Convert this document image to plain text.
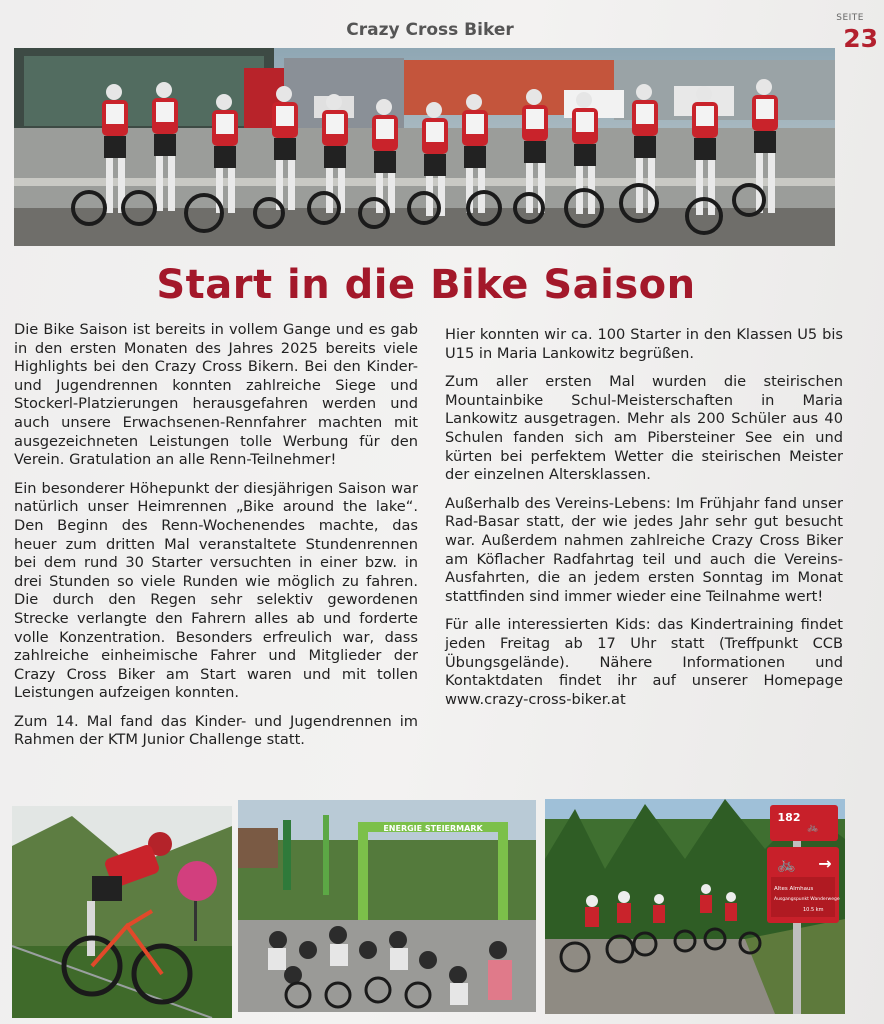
Crazy Cross Biker
SEITE
23
Start in die Bike Saison

Die Bike Saison ist bereits in vollem Gange und es gab in den ersten Monaten des Jahres 2025 bereits viele Highlights bei den Crazy Cross Bikern. Bei den Kinder- und Jugendrennen konnten zahlreiche Siege und Stockerl-Platzierungen herausgefahren werden und auch unsere Erwachsenen-Rennfahrer machten mit ausgezeichneten Leistungen tolle Werbung für den Verein. Gratulation an alle Renn-Teilnehmer!

Ein besonderer Höhepunkt der diesjährigen Saison war natürlich unser Heimrennen „Bike around the lake“. Den Beginn des Renn-Wochenendes machte, das heuer zum dritten Mal veranstaltete Stundenrennen bei dem rund 30 Starter versuchten in einer bzw. in drei Stunden so viele Runden wie möglich zu fahren. Die durch den Regen sehr selektiv gewordenen Strecke verlangte den Fahrern alles ab und forderte volle Konzentration. Besonders erfreulich war, dass zahlreiche einheimische Fahrer und Mitglieder der Crazy Cross Biker am Start waren und mit tollen Leistungen aufzeigen konnten.

Zum 14. Mal fand das Kinder- und Jugendrennen im Rahmen der KTM Junior Challenge statt.

Hier konnten wir ca. 100 Starter in den Klassen U5 bis U15 in Maria Lankowitz begrüßen.

Zum aller ersten Mal wurden die steirischen Mountainbike Schul-Meisterschaften in Maria Lankowitz ausgetragen. Mehr als 200 Schüler aus 40 Schulen fanden sich am Pibersteiner See ein und kürten bei perfektem Wetter die steirischen Meister der einzelnen Altersklassen.

Außerhalb des Vereins-Lebens: Im Frühjahr fand unser Rad-Basar statt, der wie jedes Jahr sehr gut besucht war. Außerdem nahmen zahlreiche Crazy Cross Biker am Köflacher Radfahrtag teil und auch die Vereins-Ausfahrten, die an jedem ersten Sonntag im Monat stattfinden sind immer wieder eine Teilnahme wert!

Für alle interessierten Kids: das Kindertraining findet jeden Freitag ab 17 Uhr statt (Treffpunkt CCB Übungsgelände). Nähere Informationen und Kontaktdaten findet ihr auf unserer Homepage www.crazy-cross-biker.at

ENERGIE STEIERMARK
182
🚲
🚲 →
Altes Almhaus
Ausgangspunkt Wanderwege
10.5 km
